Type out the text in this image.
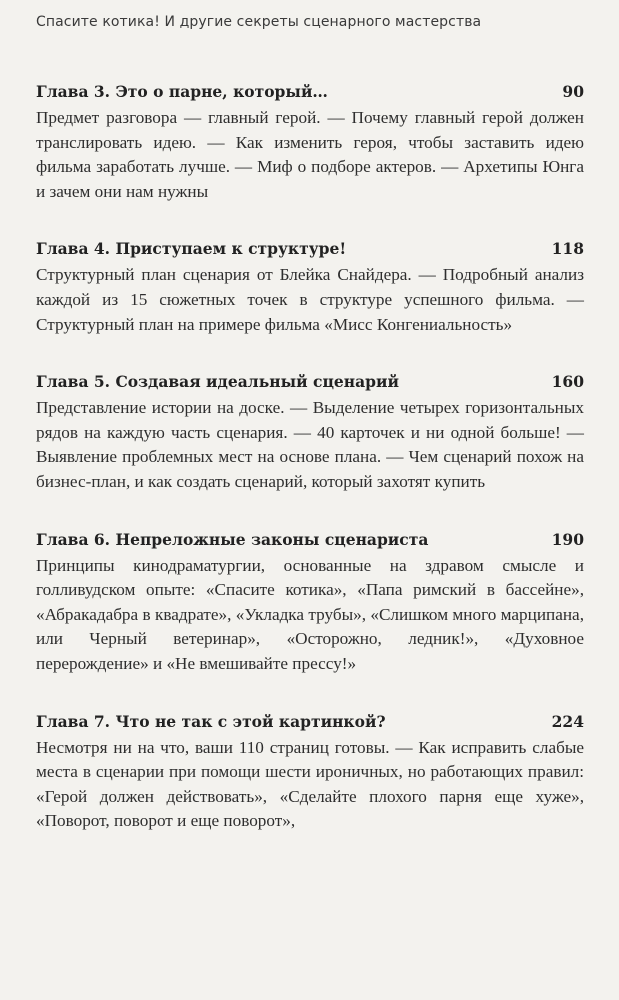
Спасите котика! И другие секреты сценарного мастерства
Глава 3. Это о парне, который…	90
Предмет разговора — главный герой. — Почему главный герой должен транслировать идею. — Как изменить героя, чтобы заставить идею фильма заработать лучше. — Миф о подборе актеров. — Архетипы Юнга и зачем они нам нужны
Глава 4. Приступаем к структуре!	118
Структурный план сценария от Блейка Снайдера. — Подробный анализ каждой из 15 сюжетных точек в структуре успешного фильма. — Структурный план на примере фильма «Мисс Конгениальность»
Глава 5. Создавая идеальный сценарий	160
Представление истории на доске. — Выделение четырех горизонтальных рядов на каждую часть сценария. — 40 карточек и ни одной больше! — Выявление проблемных мест на основе плана. — Чем сценарий похож на бизнес-план, и как создать сценарий, который захотят купить
Глава 6. Непреложные законы сценариста	190
Принципы кинодраматургии, основанные на здравом смысле и голливудском опыте: «Спасите котика», «Папа римский в бассейне», «Абракадабра в квадрате», «Укладка трубы», «Слишком много марципана, или Черный ветеринар», «Осторожно, ледник!», «Духовное перерождение» и «Не вмешивайте прессу!»
Глава 7. Что не так с этой картинкой?	224
Несмотря ни на что, ваши 110 страниц готовы. — Как исправить слабые места в сценарии при помощи шести ироничных, но работающих правил: «Герой должен действовать», «Сделайте плохого парня еще хуже», «Поворот, поворот и еще поворот»,
